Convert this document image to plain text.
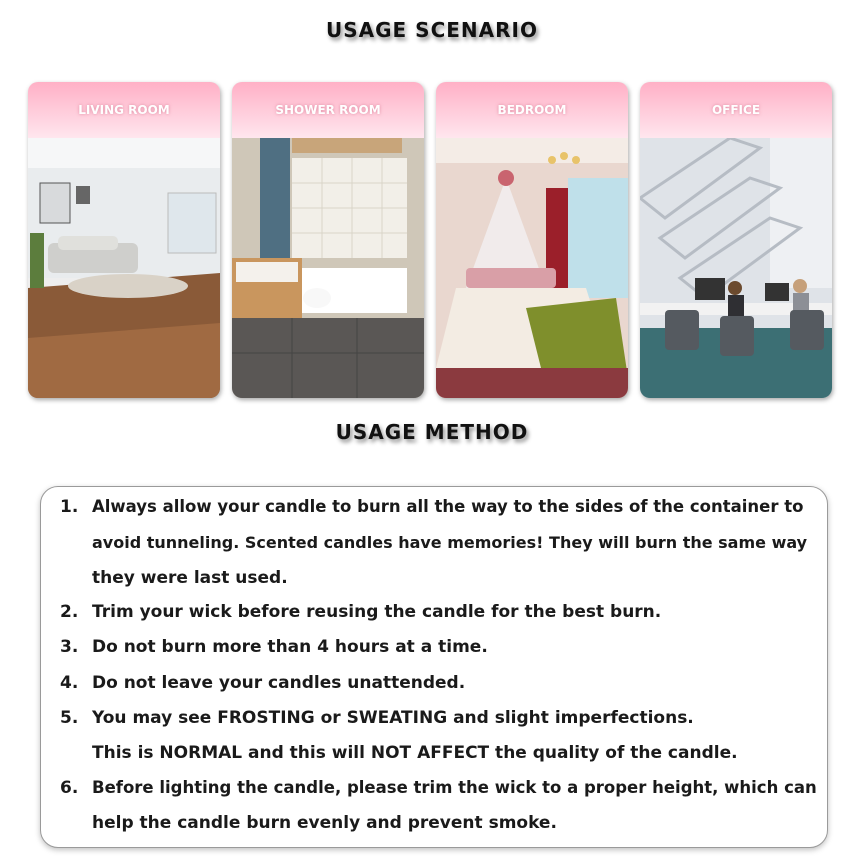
USAGE SCENARIO
LIVING ROOM	SHOWER ROOM	BEDROOM	OFFICE
USAGE METHOD
1. Always allow your candle to burn all the way to the sides of the container to
avoid tunneling. Scented candles have memories! They will burn the same way
they were last used.
2. Trim your wick before reusing the candle for the best burn.
3. Do not burn more than 4 hours at a time.
4. Do not leave your candles unattended.
5. You may see FROSTING or SWEATING and slight imperfections.
This is NORMAL and this will NOT AFFECT the quality of the candle.
6. Before lighting the candle, please trim the wick to a proper height, which can
help the candle burn evenly and prevent smoke.
